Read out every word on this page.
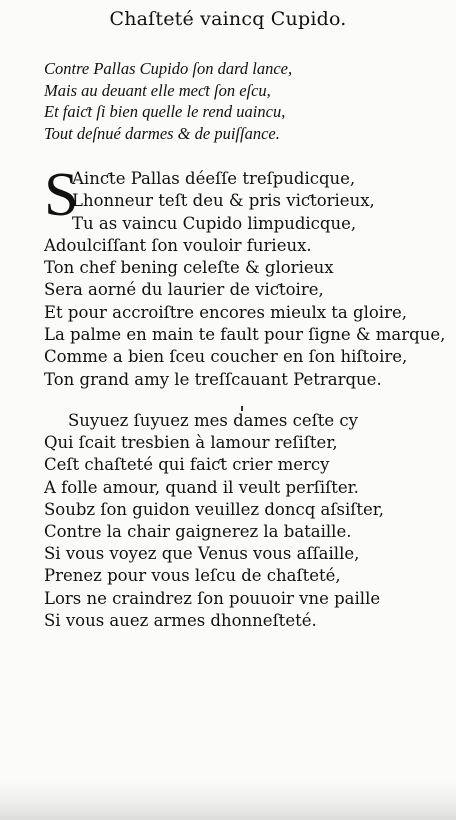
Chaſteté vaincq Cupido.
Contre Pallas Cupido ſon dard lance,
Mais au deuant elle meƈt ſon eſcu,
Et faiƈt ſi bien quelle le rend uaincu,
Tout deſnué darmes & de puiſſance.
S
Ainƈte Pallas déeſſe treſpudicque,
Lhonneur teſt deu & pris viƈtorieux,
Tu as vaincu Cupido limpudicque,
Adoulciſſant ſon vouloir furieux.
Ton chef bening celeſte & glorieux
Sera aorné du laurier de viƈtoire,
Et pour accroiſtre encores mieulx ta gloire,
La palme en main te fault pour ſigne & marque,
Comme a bien ſceu coucher en ſon hiſtoire,
Ton grand amy le treſſcauant Petrarque.
Suyuez ſuyuez mes dames ceſte cy
Qui ſcait tresbien à lamour reſiſter,
Ceſt chaſteté qui faiƈt crier mercy
A folle amour, quand il veult perſiſter.
Soubz ſon guidon veuillez doncq aſsiſter,
Contre la chair gaignerez la bataille.
Si vous voyez que Venus vous aſſaille,
Prenez pour vous leſcu de chaſteté,
Lors ne craindrez ſon pouuoir vne paille
Si vous auez armes dhonneſteté.
